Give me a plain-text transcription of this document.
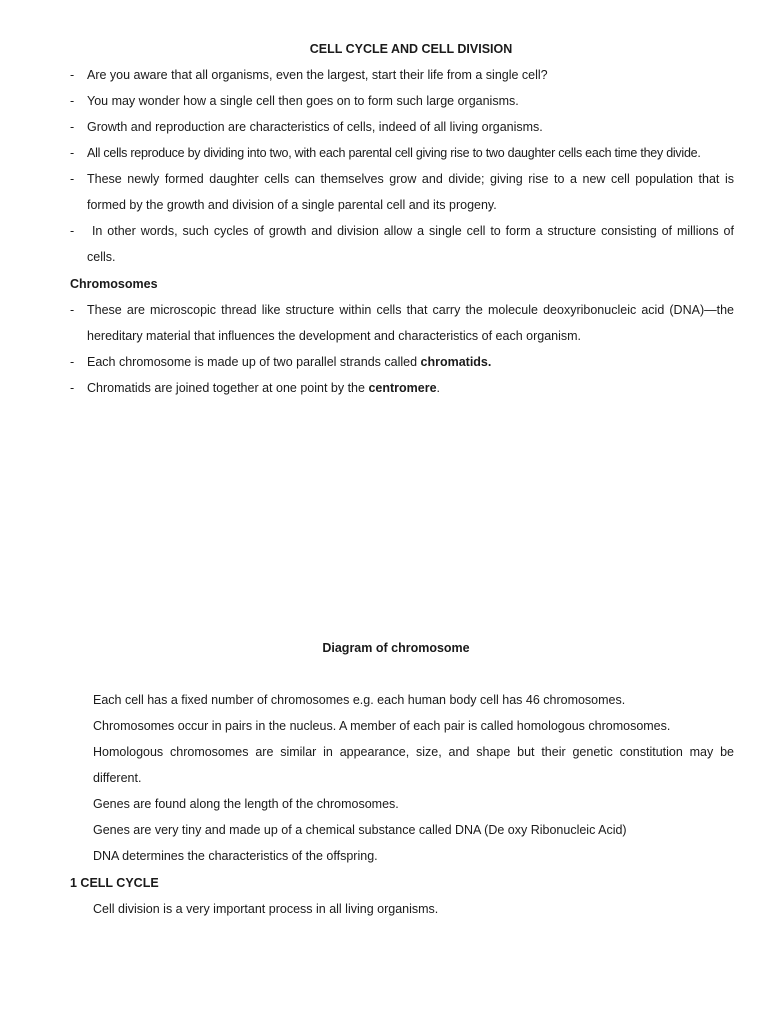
CELL CYCLE AND CELL DIVISION
- Are you aware that all organisms, even the largest, start their life from a single cell?
- You may wonder how a single cell then goes on to form such large organisms.
- Growth and reproduction are characteristics of cells, indeed of all living organisms.
- All cells reproduce by dividing into two, with each parental cell giving rise to two daughter cells each time they divide.
- These newly formed daughter cells can themselves grow and divide; giving rise to a new cell population that is formed by the growth and division of a single parental cell and its progeny.
- In other words, such cycles of growth and division allow a single cell to form a structure consisting of millions of cells.
Chromosomes
- These are microscopic thread like structure within cells that carry the molecule deoxyribonucleic acid (DNA)—the hereditary material that influences the development and characteristics of each organism.
- Each chromosome is made up of two parallel strands called chromatids.
- Chromatids are joined together at one point by the centromere.
Diagram of chromosome
Each cell has a fixed number of chromosomes e.g. each human body cell has 46 chromosomes.
Chromosomes occur in pairs in the nucleus. A member of each pair is called homologous chromosomes.
Homologous chromosomes are similar in appearance, size, and shape but their genetic constitution may be different.
Genes are found along the length of the chromosomes.
Genes are very tiny and made up of a chemical substance called DNA (De oxy Ribonucleic Acid)
DNA determines the characteristics of the offspring.
1 CELL CYCLE
Cell division is a very important process in all living organisms.
